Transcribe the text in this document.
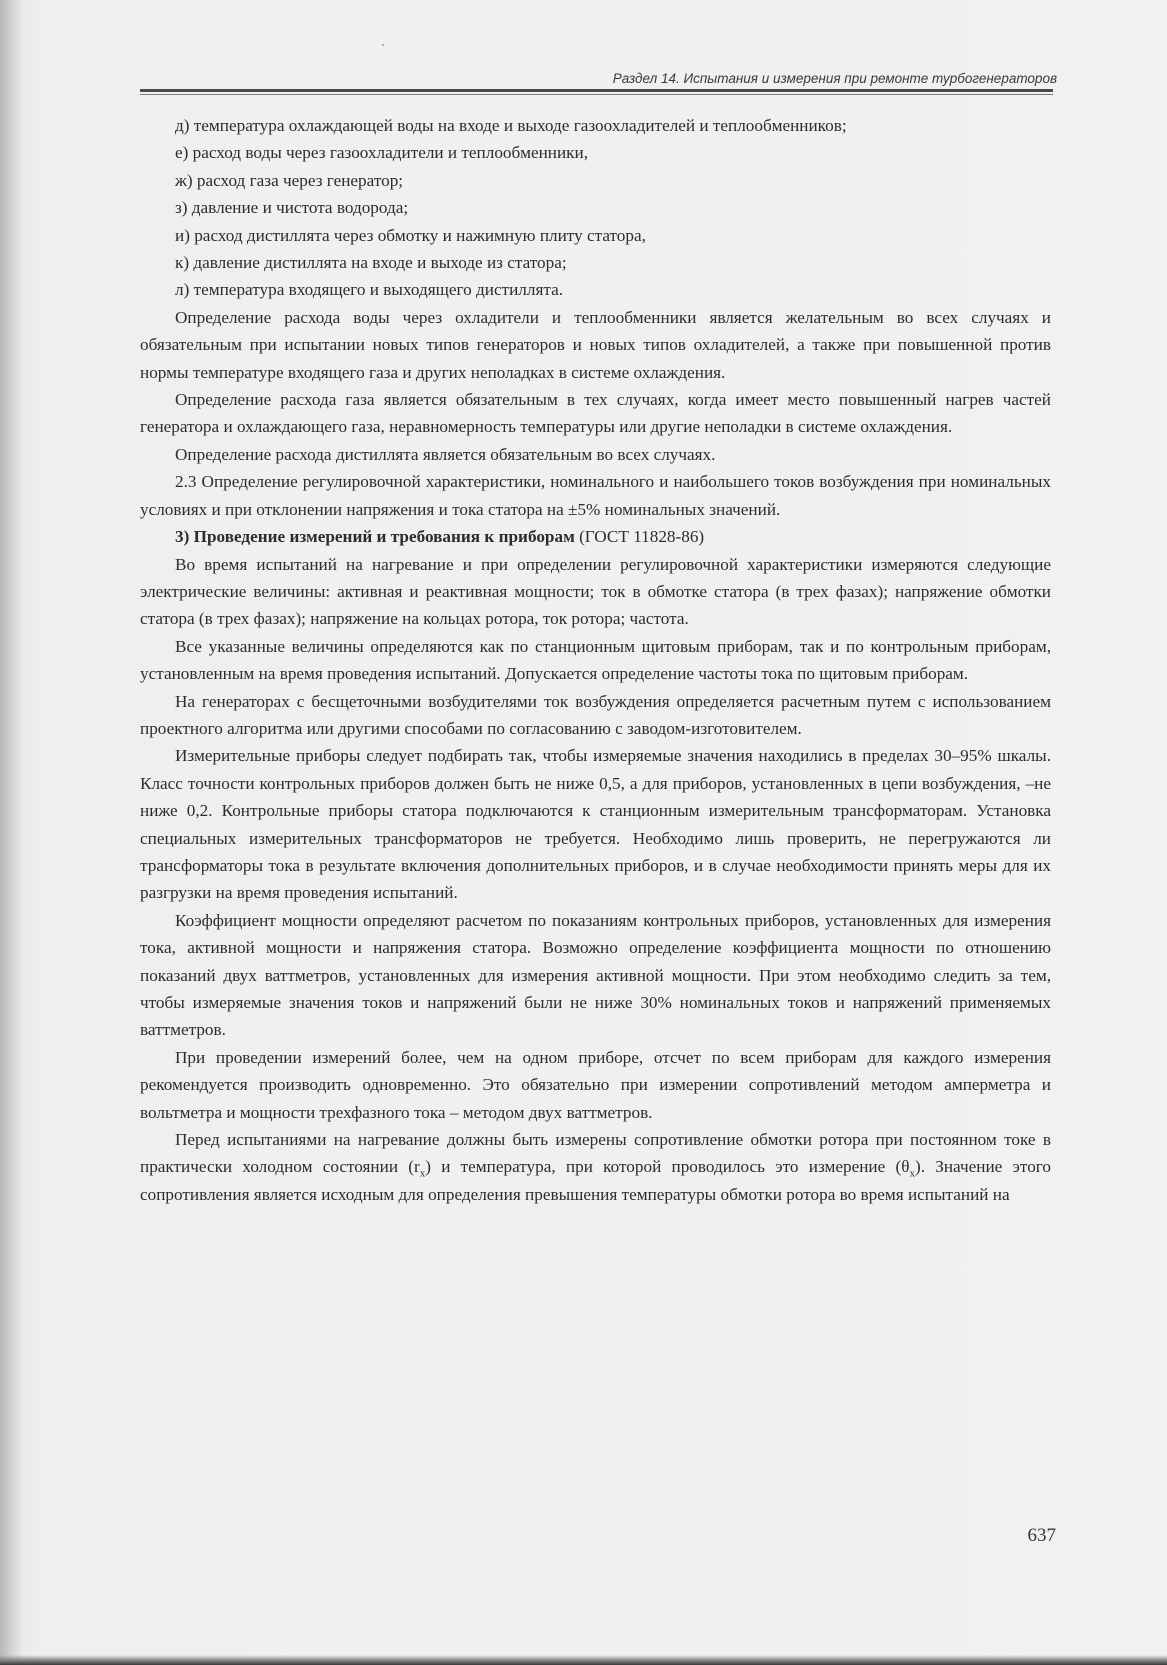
Раздел 14. Испытания и измерения при ремонте турбогенераторов

д) температура охлаждающей воды на входе и выходе газоохладителей и теплообменников;

е) расход воды через газоохладители и теплообменники,

ж) расход газа через генератор;

з) давление и чистота водорода;

и) расход дистиллята через обмотку и нажимную плиту статора,

к) давление дистиллята на входе и выходе из статора;

л) температура входящего и выходящего дистиллята.

Определение расхода воды через охладители и теплообменники является желательным во всех случаях и обязательным при испытании новых типов генераторов и новых типов охладителей, а также при повышенной против нормы температуре входящего газа и других неполадках в системе охлаждения.

Определение расхода газа является обязательным в тех случаях, когда имеет место повышенный нагрев частей генератора и охлаждающего газа, неравномерность температуры или другие неполадки в системе охлаждения.

Определение расхода дистиллята является обязательным во всех случаях.

2.3 Определение регулировочной характеристики, номинального и наибольшего токов возбуждения при номинальных условиях и при отклонении напряжения и тока статора на ±5% номинальных значений.

3) Проведение измерений и требования к приборам (ГОСТ 11828-86)

Во время испытаний на нагревание и при определении регулировочной характеристики измеряются следующие электрические величины: активная и реактивная мощности; ток в обмотке статора (в трех фазах); напряжение обмотки статора (в трех фазах); напряжение на кольцах ротора, ток ротора; частота.

Все указанные величины определяются как по станционным щитовым приборам, так и по контрольным приборам, установленным на время проведения испытаний. Допускается определение частоты тока по щитовым приборам.

На генераторах с бесщеточными возбудителями ток возбуждения определяется расчетным путем с использованием проектного алгоритма или другими способами по согласованию с заводом-изготовителем.

Измерительные приборы следует подбирать так, чтобы измеряемые значения находились в пределах 30–95% шкалы. Класс точности контрольных приборов должен быть не ниже 0,5, а для приборов, установленных в цепи возбуждения, –не ниже 0,2. Контрольные приборы статора подключаются к станционным измерительным трансформаторам. Установка специальных измерительных трансформаторов не требуется. Необходимо лишь проверить, не перегружаются ли трансформаторы тока в результате включения дополнительных приборов, и в случае необходимости принять меры для их разгрузки на время проведения испытаний.

Коэффициент мощности определяют расчетом по показаниям контрольных приборов, установленных для измерения тока, активной мощности и напряжения статора. Возможно определение коэффициента мощности по отношению показаний двух ваттметров, установленных для измерения активной мощности. При этом необходимо следить за тем, чтобы измеряемые значения токов и напряжений были не ниже 30% номинальных токов и напряжений применяемых ваттметров.

При проведении измерений более, чем на одном приборе, отсчет по всем приборам для каждого измерения рекомендуется производить одновременно. Это обязательно при измерении сопротивлений методом амперметра и вольтметра и мощности трехфазного тока – методом двух ваттметров.

Перед испытаниями на нагревание должны быть измерены сопротивление обмотки ротора при постоянном токе в практически холодном состоянии $(r_х)$ и температура, при которой проводилось это измерение $(\theta_х)$. Значение этого сопротивления является исходным для определения превышения температуры обмотки ротора во время испытаний на

637
